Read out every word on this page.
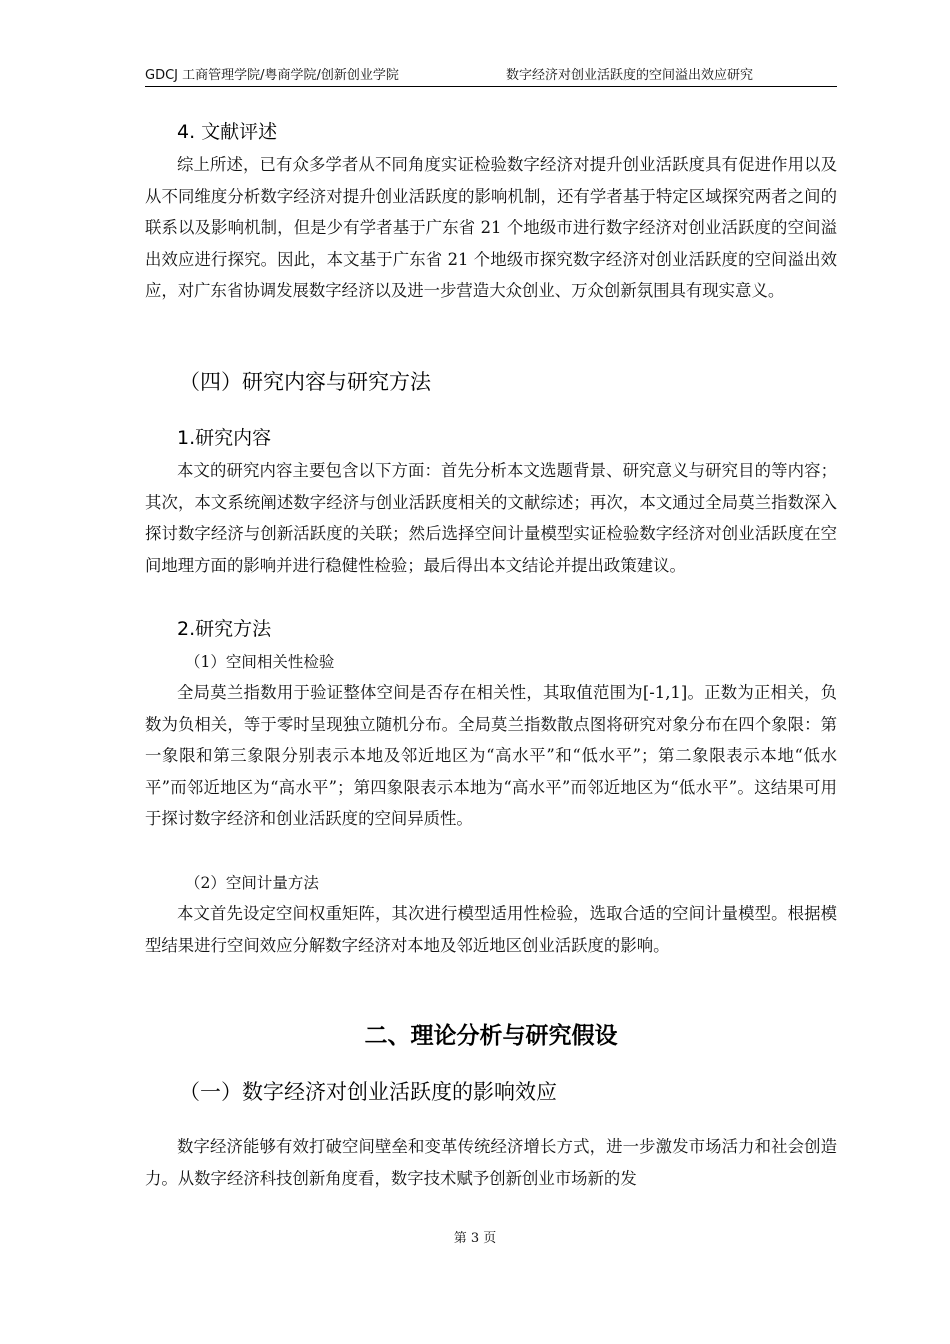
GDCJ 工商管理学院/粤商学院/创新创业学院	数字经济对创业活跃度的空间溢出效应研究
4. 文献评述
综上所述，已有众多学者从不同角度实证检验数字经济对提升创业活跃度具有促进作用以及从不同维度分析数字经济对提升创业活跃度的影响机制，还有学者基于特定区域探究两者之间的联系以及影响机制，但是少有学者基于广东省 21 个地级市进行数字经济对创业活跃度的空间溢出效应进行探究。因此，本文基于广东省 21 个地级市探究数字经济对创业活跃度的空间溢出效应，对广东省协调发展数字经济以及进一步营造大众创业、万众创新氛围具有现实意义。
（四）研究内容与研究方法
1.研究内容
本文的研究内容主要包含以下方面：首先分析本文选题背景、研究意义与研究目的等内容；其次，本文系统阐述数字经济与创业活跃度相关的文献综述；再次，本文通过全局莫兰指数深入探讨数字经济与创新活跃度的关联；然后选择空间计量模型实证检验数字经济对创业活跃度在空间地理方面的影响并进行稳健性检验；最后得出本文结论并提出政策建议。
2.研究方法
（1）空间相关性检验
全局莫兰指数用于验证整体空间是否存在相关性，其取值范围为[-1,1]。正数为正相关，负数为负相关，等于零时呈现独立随机分布。全局莫兰指数散点图将研究对象分布在四个象限：第一象限和第三象限分别表示本地及邻近地区为“高水平”和“低水平”；第二象限表示本地“低水平”而邻近地区为“高水平”；第四象限表示本地为“高水平”而邻近地区为“低水平”。这结果可用于探讨数字经济和创业活跃度的空间异质性。
（2）空间计量方法
本文首先设定空间权重矩阵，其次进行模型适用性检验，选取合适的空间计量模型。根据模型结果进行空间效应分解数字经济对本地及邻近地区创业活跃度的影响。
二、理论分析与研究假设
（一）数字经济对创业活跃度的影响效应
数字经济能够有效打破空间壁垒和变革传统经济增长方式，进一步激发市场活力和社会创造力。从数字经济科技创新角度看，数字技术赋予创新创业市场新的发
第 3 页
